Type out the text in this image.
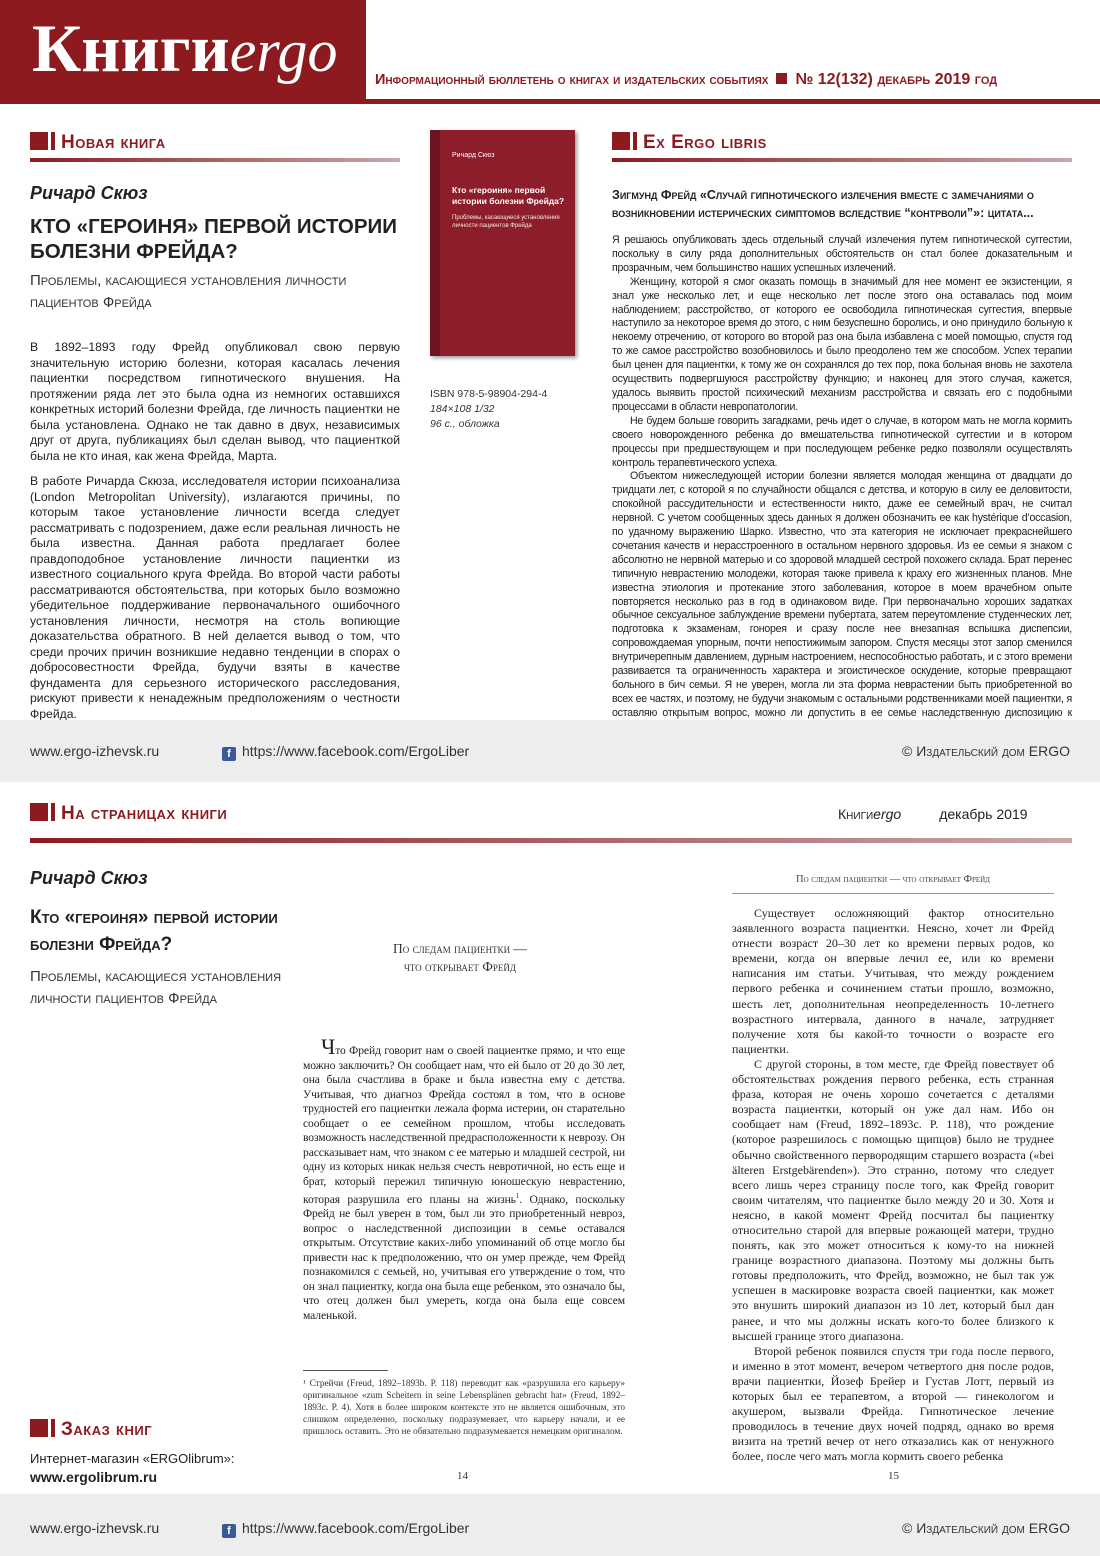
Книгиergo	Информационный бюллетень о книгах и издательских событиях № 12(132) декабрь 2019 год
Новая книга
Ричард Скюз
КТО «ГЕРОИНЯ» ПЕРВОЙ ИСТОРИИ БОЛЕЗНИ ФРЕЙДА?
Проблемы, касающиеся установления личности пациентов Фрейда

В 1892–1893 году Фрейд опубликовал свою первую значительную историю болезни, которая касалась лечения пациентки посредством гипнотического внушения. На протяжении ряда лет это была одна из немногих оставшихся конкретных историй болезни Фрейда, где личность пациентки не была установлена. Однако не так давно в двух, независимых друг от друга, публикациях был сделан вывод, что пациенткой была не кто иная, как жена Фрейда, Марта.

В работе Ричарда Скюза, исследователя истории психоанализа (London Metropolitan University), излагаются причины, по которым такое установление личности всегда следует рассматривать с подозрением, даже если реальная личность не была известна. Данная работа предлагает более правдоподобное установление личности пациентки из известного социального круга Фрейда. Во второй части работы рассматриваются обстоятельства, при которых было возможно убедительное поддерживание первоначального ошибочного установления личности, несмотря на столь вопиющие доказательства обратного. В ней делается вывод о том, что среди прочих причин возникшие недавно тенденции в спорах о добросовестности Фрейда, будучи взяты в качестве фундамента для серьезного исторического расследования, рискуют привести к ненадежным предположениям о честности Фрейда.

Ричард Скюз
Кто «героиня» первой истории болезни Фрейда?
Проблемы, касающиеся установления личности пациентов Фрейда
ISBN 978-5-98904-294-4
184×108 1/32
96 с., обложка
Ex Ergo libris
Зигмунд Фрейд «Случай гипнотического излечения вместе с замечаниями о возникновении истерических симптомов вследствие “контрволи”»: цитата...

Я решаюсь опубликовать здесь отдельный случай излечения путем гипнотической суггестии, поскольку в силу ряда дополнительных обстоятельств он стал более доказательным и прозрачным, чем большинство наших успешных излечений.

Женщину, которой я смог оказать помощь в значимый для нее момент ее экзистенции, я знал уже несколько лет, и еще несколько лет после этого она оставалась под моим наблюдением; расстройство, от которого ее освободила гипнотическая суггестия, впервые наступило за некоторое время до этого, с ним безуспешно боролись, и оно принудило больную к некоему отречению, от которого во второй раз она была избавлена с моей помощью, спустя год то же самое расстройство возобновилось и было преодолено тем же способом. Успех терапии был ценен для пациентки, к тому же он сохранялся до тех пор, пока больная вновь не захотела осуществить подвергшуюся расстройству функцию; и наконец для этого случая, кажется, удалось выявить простой психический механизм расстройства и связать его с подобными процессами в области невропатологии.

Не будем больше говорить загадками, речь идет о случае, в котором мать не могла кормить своего новорожденного ребенка до вмешательства гипнотической суггестии и в котором процессы при предшествующем и при последующем ребенке редко позволяли осуществлять контроль терапевтического успеха.

Объектом нижеследующей истории болезни является молодая женщина от двадцати до тридцати лет, с которой я по случайности общался с детства, и которую в силу ее деловитости, спокойной рассудительности и естественности никто, даже ее семейный врач, не считал нервной. С учетом сообщенных здесь данных я должен обозначить ее как hystérique d’occasion, по удачному выражению Шарко. Известно, что эта категория не исключает прекраснейшего сочетания качеств и нерасстроенного в остальном нервного здоровья. Из ее семьи я знаком с абсолютно не нервной матерью и со здоровой младшей сестрой похожего склада. Брат перенес типичную неврастению молодежи, которая также привела к краху его жизненных планов. Мне известна этиология и протекание этого заболевания, которое в моем врачебном опыте повторяется несколько раз в год в одинаковом виде. При первоначально хороших задатках обычное сексуальное заблуждение времени пубертата, затем переутомление студенческих лет, подготовка к экзаменам, гонорея и сразу после нее внезапная вспышка диспепсии, сопровождаемая упорным, почти непостижимым запором. Спустя месяцы этот запор сменился внутричерепным давлением, дурным настроением, неспособностью работать, и с этого времени развивается та ограниченность характера и эгоистическое оскудение, которые превращают больного в бич семьи. Я не уверен, могла ли эта форма неврастении быть приобретенной во всех ее частях, и поэтому, не будучи знакомым с остальными родственниками моей пациентки, я оставляю открытым вопрос, можно ли допустить в ее семье наследственную диспозицию к

www.ergo-izhevsk.ru	f https://www.facebook.com/ErgoLiber	© Издательский дом ERGO
На страницах книги	Книгиergo	декабрь 2019
Ричард Скюз
Кто «героиня» первой истории болезни Фрейда?
Проблемы, касающиеся установления личности пациентов Фрейда
По следам пациентки —
что открывает Фрейд

Что Фрейд говорит нам о своей пациентке прямо, и что еще можно заключить? Он сообщает нам, что ей было от 20 до 30 лет, она была счастлива в браке и была известна ему с детства. Учитывая, что диагноз Фрейда состоял в том, что в основе трудностей его пациентки лежала форма истерии, он старательно сообщает о ее семейном прошлом, чтобы исследовать возможность наследственной предрасположенности к неврозу. Он рассказывает нам, что знаком с ее матерью и младшей сестрой, ни одну из которых никак нельзя счесть невротичной, но есть еще и брат, который пережил типичную юношескую неврастению, которая разрушила его планы на жизнь$^1$. Однако, поскольку Фрейд не был уверен в том, был ли это приобретенный невроз, вопрос о наследственной диспозиции в семье оставался открытым. Отсутствие каких-либо упоминаний об отце могло бы привести нас к предположению, что он умер прежде, чем Фрейд познакомился с семьей, но, учитывая его утверждение о том, что он знал пациентку, когда она была еще ребенком, это означало бы, что отец должен был умереть, когда она была еще совсем маленькой.

¹ Стрейчи (Freud, 1892–1893b. P. 118) переводит как «разрушила его карьеру» оригинальное «zum Scheitern in seine Lebensplänen gebracht hat» (Freud, 1892–1893c. P. 4). Хотя в более широком контексте это не является ошибочным, это слишком определенно, поскольку подразумевает, что карьеру начали, и ее пришлось оставить. Это не обязательно подразумевается немецким оригиналом.

14
По следам пациентки — что открывает Фрейд

Существует осложняющий фактор относительно заявленного возраста пациентки. Неясно, хочет ли Фрейд отнести возраст 20–30 лет ко времени первых родов, ко времени, когда он впервые лечил ее, или ко времени написания им статьи. Учитывая, что между рождением первого ребенка и сочинением статьи прошло, возможно, шесть лет, дополнительная неопределенность 10-летнего возрастного интервала, данного в начале, затрудняет получение хотя бы какой-то точности о возрасте его пациентки.

С другой стороны, в том месте, где Фрейд повествует об обстоятельствах рождения первого ребенка, есть странная фраза, которая не очень хорошо сочетается с деталями возраста пациентки, который он уже дал нам. Ибо он сообщает нам (Freud, 1892–1893c. P. 118), что рождение (которое разрешилось с помощью щипцов) было не труднее обычно свойственного первородящим старшего возраста («bei älteren Erstgebärenden»). Это странно, потому что следует всего лишь через страницу после того, как Фрейд говорит своим читателям, что пациентке было между 20 и 30. Хотя и неясно, в какой момент Фрейд посчитал бы пациентку относительно старой для впервые рожающей матери, трудно понять, как это может относиться к кому-то на нижней границе возрастного диапазона. Поэтому мы должны быть готовы предположить, что Фрейд, возможно, не был так уж успешен в маскировке возраста своей пациентки, как может это внушить широкий диапазон из 10 лет, который был дан ранее, и что мы должны искать кого-то более близкого к высшей границе этого диапазона.

Второй ребенок появился спустя три года после первого, и именно в этот момент, вечером четвертого дня после родов, врачи пациентки, Йозеф Брейер и Густав Лотт, первый из которых был ее терапевтом, а второй — гинекологом и акушером, вызвали Фрейда. Гипнотическое лечение проводилось в течение двух ночей подряд, однако во время визита на третий вечер от него отказались как от ненужного более, после чего мать могла кормить своего ребенка

15
Заказ книг
Интернет-магазин «ERGOlibrum»:
www.ergolibrum.ru
www.ergo-izhevsk.ru	f https://www.facebook.com/ErgoLiber	© Издательский дом ERGO
